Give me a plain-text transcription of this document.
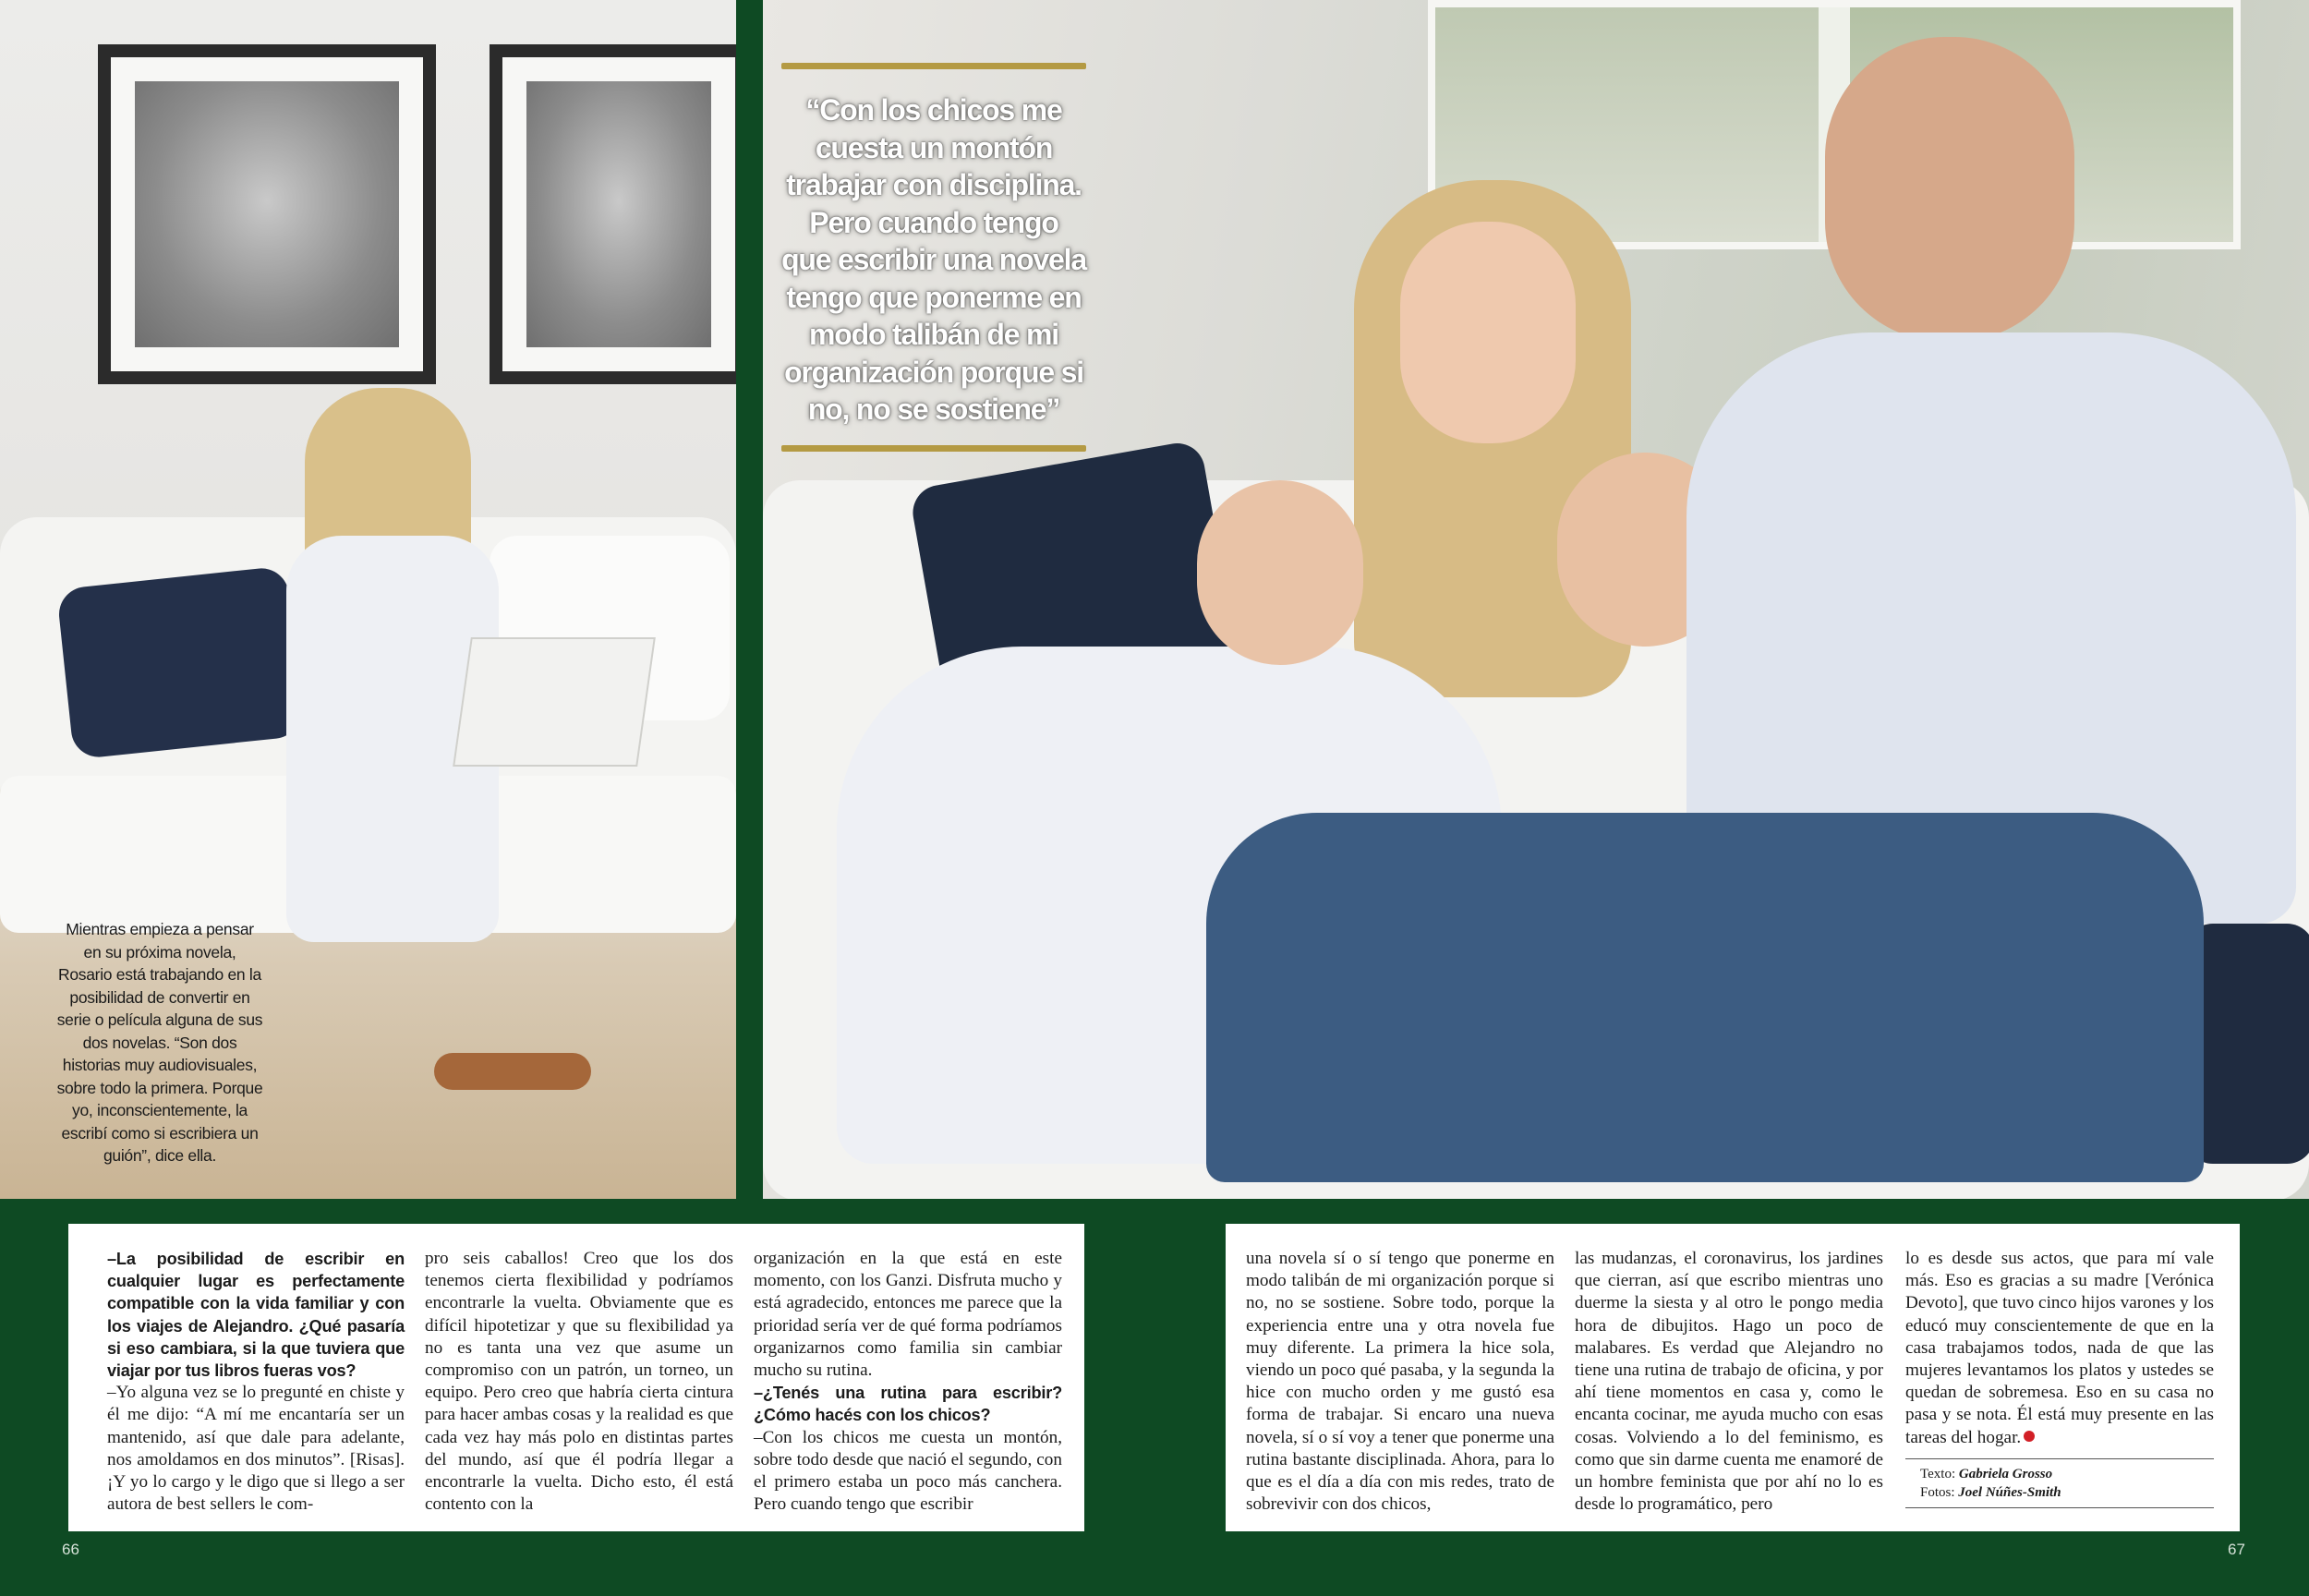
Mientras empieza a pensar en su próxima novela, Rosario está trabajando en la posibilidad de convertir en serie o película alguna de sus dos novelas. “Son dos historias muy audiovisuales, sobre todo la primera. Porque yo, inconscientemente, la escribí como si escribiera un guión”, dice ella.
“Con los chicos me cuesta un montón trabajar con disciplina. Pero cuando tengo que escribir una novela tengo que ponerme en modo talibán de mi organización porque si no, no se sostiene”

–La posibilidad de escribir en cualquier lugar es perfectamente compatible con la vida familiar y con los viajes de Alejandro. ¿Qué pasaría si eso cambiara, si la que tuviera que viajar por tus libros fueras vos?

–Yo alguna vez se lo pregunté en chiste y él me dijo: “A mí me encantaría ser un mantenido, así que dale para adelante, nos amoldamos en dos minutos”. [Risas]. ¡Y yo lo cargo y le digo que si llego a ser autora de best sellers le com-

pro seis caballos! Creo que los dos tenemos cierta flexibilidad y podríamos encontrarle la vuelta. Obviamente que es difícil hipotetizar y que su flexibilidad ya no es tanta una vez que asume un compromiso con un patrón, un torneo, un equipo. Pero creo que habría cierta cintura para hacer ambas cosas y la realidad es que cada vez hay más polo en distintas partes del mundo, así que él podría llegar a encontrarle la vuelta. Dicho esto, él está contento con la

organización en la que está en este momento, con los Ganzi. Disfruta mucho y está agradecido, entonces me parece que la prioridad sería ver de qué forma podríamos organizarnos como familia sin cambiar mucho su rutina.

–¿Tenés una rutina para escribir? ¿Cómo hacés con los chicos?

–Con los chicos me cuesta un montón, sobre todo desde que nació el segundo, con el primero estaba un poco más canchera. Pero cuando tengo que escribir

una novela sí o sí tengo que ponerme en modo talibán de mi organización porque si no, no se sostiene. Sobre todo, porque la experiencia entre una y otra novela fue muy diferente. La primera la hice sola, viendo un poco qué pasaba, y la segunda la hice con mucho orden y me gustó esa forma de trabajar. Si encaro una nueva novela, sí o sí voy a tener que ponerme una rutina bastante disciplinada. Ahora, para lo que es el día a día con mis redes, trato de sobrevivir con dos chicos,

las mudanzas, el coronavirus, los jardines que cierran, así que escribo mientras uno duerme la siesta y al otro le pongo media hora de dibujitos. Hago un poco de malabares. Es verdad que Alejandro no tiene una rutina de trabajo de oficina, y por ahí tiene momentos en casa y, como le encanta cocinar, me ayuda mucho con esas cosas. Volviendo a lo del feminismo, es como que sin darme cuenta me enamoré de un hombre feminista que por ahí no lo es desde lo programático, pero

lo es desde sus actos, que para mí vale más. Eso es gracias a su madre [Verónica Devoto], que tuvo cinco hijos varones y los educó muy conscientemente de que en la casa trabajamos todos, nada de que las mujeres levantamos los platos y ustedes se quedan de sobremesa. Eso en su casa no pasa y se nota. Él está muy presente en las tareas del hogar.

Texto: Gabriela Grosso
Fotos: Joel Núñes-Smith
66	67
